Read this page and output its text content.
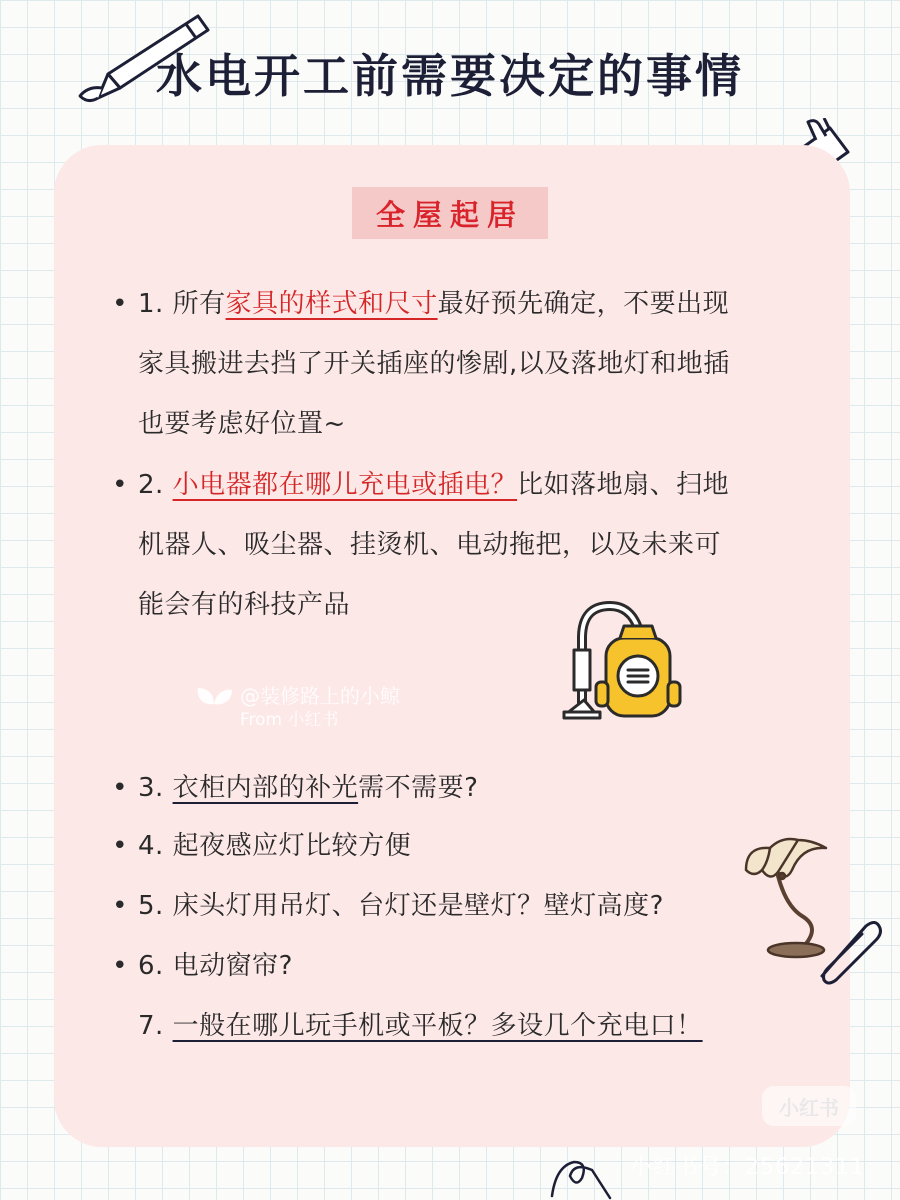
水电开工前需要决定的事情
全屋起居
• 1. 所有家具的样式和尺寸最好预先确定，不要出现
家具搬进去挡了开关插座的惨剧,以及落地灯和地插
也要考虑好位置~
• 2. 小电器都在哪儿充电或插电？比如落地扇、扫地
机器人、吸尘器、挂烫机、电动拖把，以及未来可
能会有的科技产品
@装修路上的小鲸
From 小红书
• 3. 衣柜内部的补光需不需要?
• 4. 起夜感应灯比较方便
• 5. 床头灯用吊灯、台灯还是壁灯？壁灯高度?
• 6. 电动窗帘?
7. 一般在哪儿玩手机或平板？多设几个充电口！
小红书
小红书号：25621311
